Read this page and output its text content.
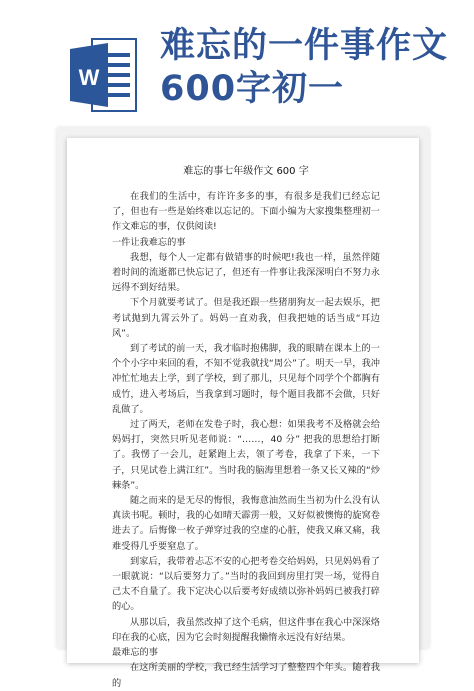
W
难忘的一件事作文
600字初一
难忘的事七年级作文 600 字
在我们的生活中，有许许多多的事，有很多是我们已经忘记了，但也有一些是始终难以忘记的。下面小编为大家搜集整理初一作文难忘的事，仅供阅读!
一件让我难忘的事
我想，每个人一定都有做错事的时候吧!我也一样，虽然伴随着时间的流逝都已快忘记了，但还有一件事让我深深明白不努力永远得不到好结果。
下个月就要考试了。但是我还跟一些猪朋狗友一起去娱乐，把考试抛到九霄云外了。妈妈一直劝我，但我把她的话当成“耳边风”。
到了考试的前一天，我才临时抱佛脚，我的眼睛在课本上的一个个小字中来回的看，不知不觉我就找“周公”了。明天一早，我冲冲忙忙地去上学，到了学校，到了那儿，只见每个同学个个都胸有成竹，进入考场后，当我拿到习题时，每个题目我都不会做，只好乱做了。
过了两天，老师在发卷子时，我心想：如果我考不及格就会给妈妈打，突然只听见老师说：“……，40 分” 把我的思想给打断了。我愣了一会儿，赶紧跑上去，领了考卷，我拿了下来，一下子，只见试卷上满江红”。当时我的脑海里想着一条又长又辣的“炒棘条”。
随之而来的是无尽的悔恨，我悔意油然而生当初为什么没有认真读书呢。顿时，我的心如晴天霹雳一般，又好似被懊悔的旋窝卷进去了。后悔像一枚子弹穿过我的空虚的心脏，使我又麻又痛，我难受得几乎要窒息了。
到家后，我带着忐忑不安的心把考卷交给妈妈，只见妈妈看了一眼就说：“以后要努力了。”当时的我回到房里打哭一场，觉得自己太不自量了。我下定决心以后要考好成绩以弥补妈妈已被我打碎的心。
从那以后，我虽然改掉了这个毛病，但这件事在我心中深深烙印在我的心底，因为它会时刻提醒我懒惰永远没有好结果。
最难忘的事
在这所美丽的学校，我已经生活学习了整整四个年头。随着我的
